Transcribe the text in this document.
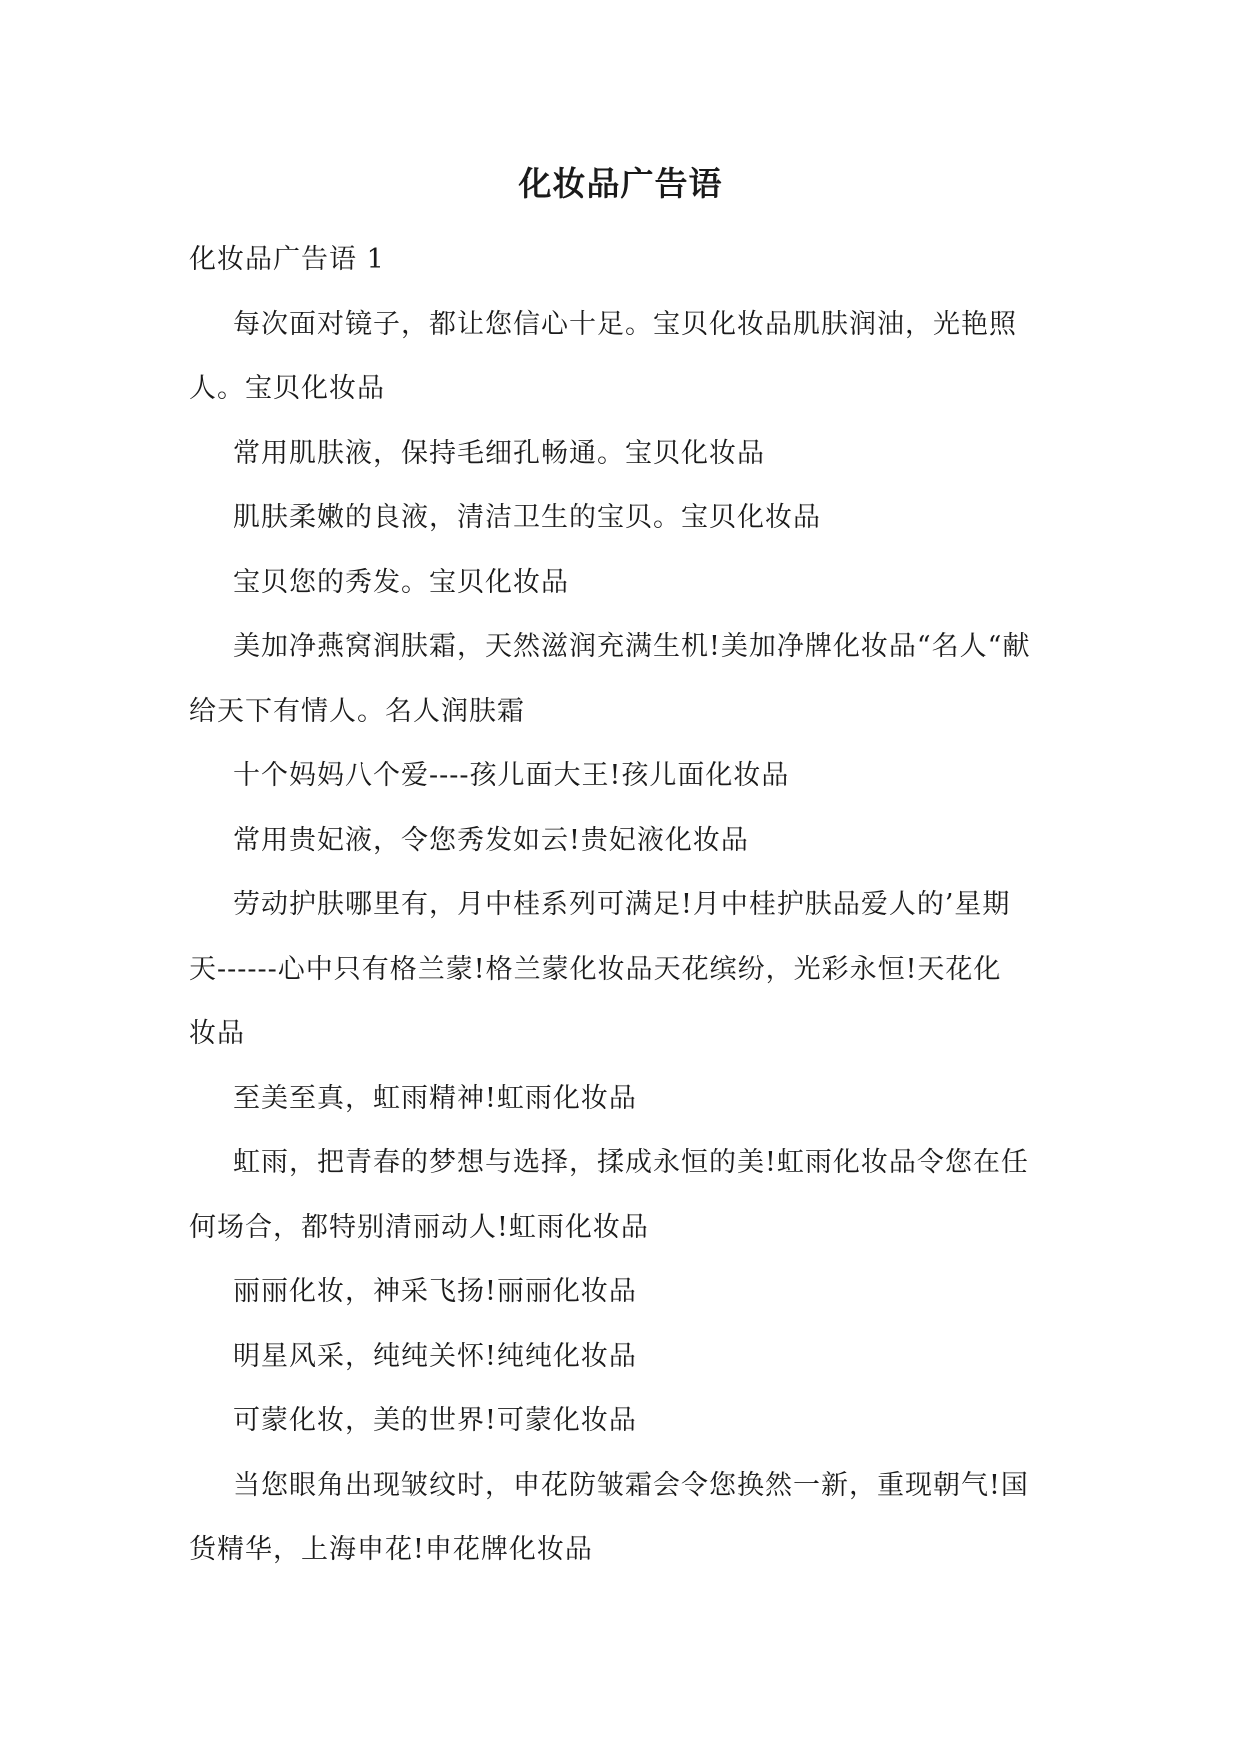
化妆品广告语
化妆品广告语 1
每次面对镜子，都让您信心十足。宝贝化妆品肌肤润油，光艳照
人。宝贝化妆品
常用肌肤液，保持毛细孔畅通。宝贝化妆品
肌肤柔嫩的良液，清洁卫生的宝贝。宝贝化妆品
宝贝您的秀发。宝贝化妆品
美加净燕窝润肤霜，天然滋润充满生机!美加净牌化妆品“名人“献
给天下有情人。名人润肤霜
十个妈妈八个爱----孩儿面大王!孩儿面化妆品
常用贵妃液，令您秀发如云!贵妃液化妆品
劳动护肤哪里有，月中桂系列可满足!月中桂护肤品爱人的’星期
天------心中只有格兰蒙!格兰蒙化妆品天花缤纷，光彩永恒!天花化
妆品
至美至真，虹雨精神!虹雨化妆品
虹雨，把青春的梦想与选择，揉成永恒的美!虹雨化妆品令您在任
何场合，都特别清丽动人!虹雨化妆品
丽丽化妆，神采飞扬!丽丽化妆品
明星风采，纯纯关怀!纯纯化妆品
可蒙化妆，美的世界!可蒙化妆品
当您眼角出现皱纹时，申花防皱霜会令您换然一新，重现朝气!国
货精华，上海申花!申花牌化妆品
